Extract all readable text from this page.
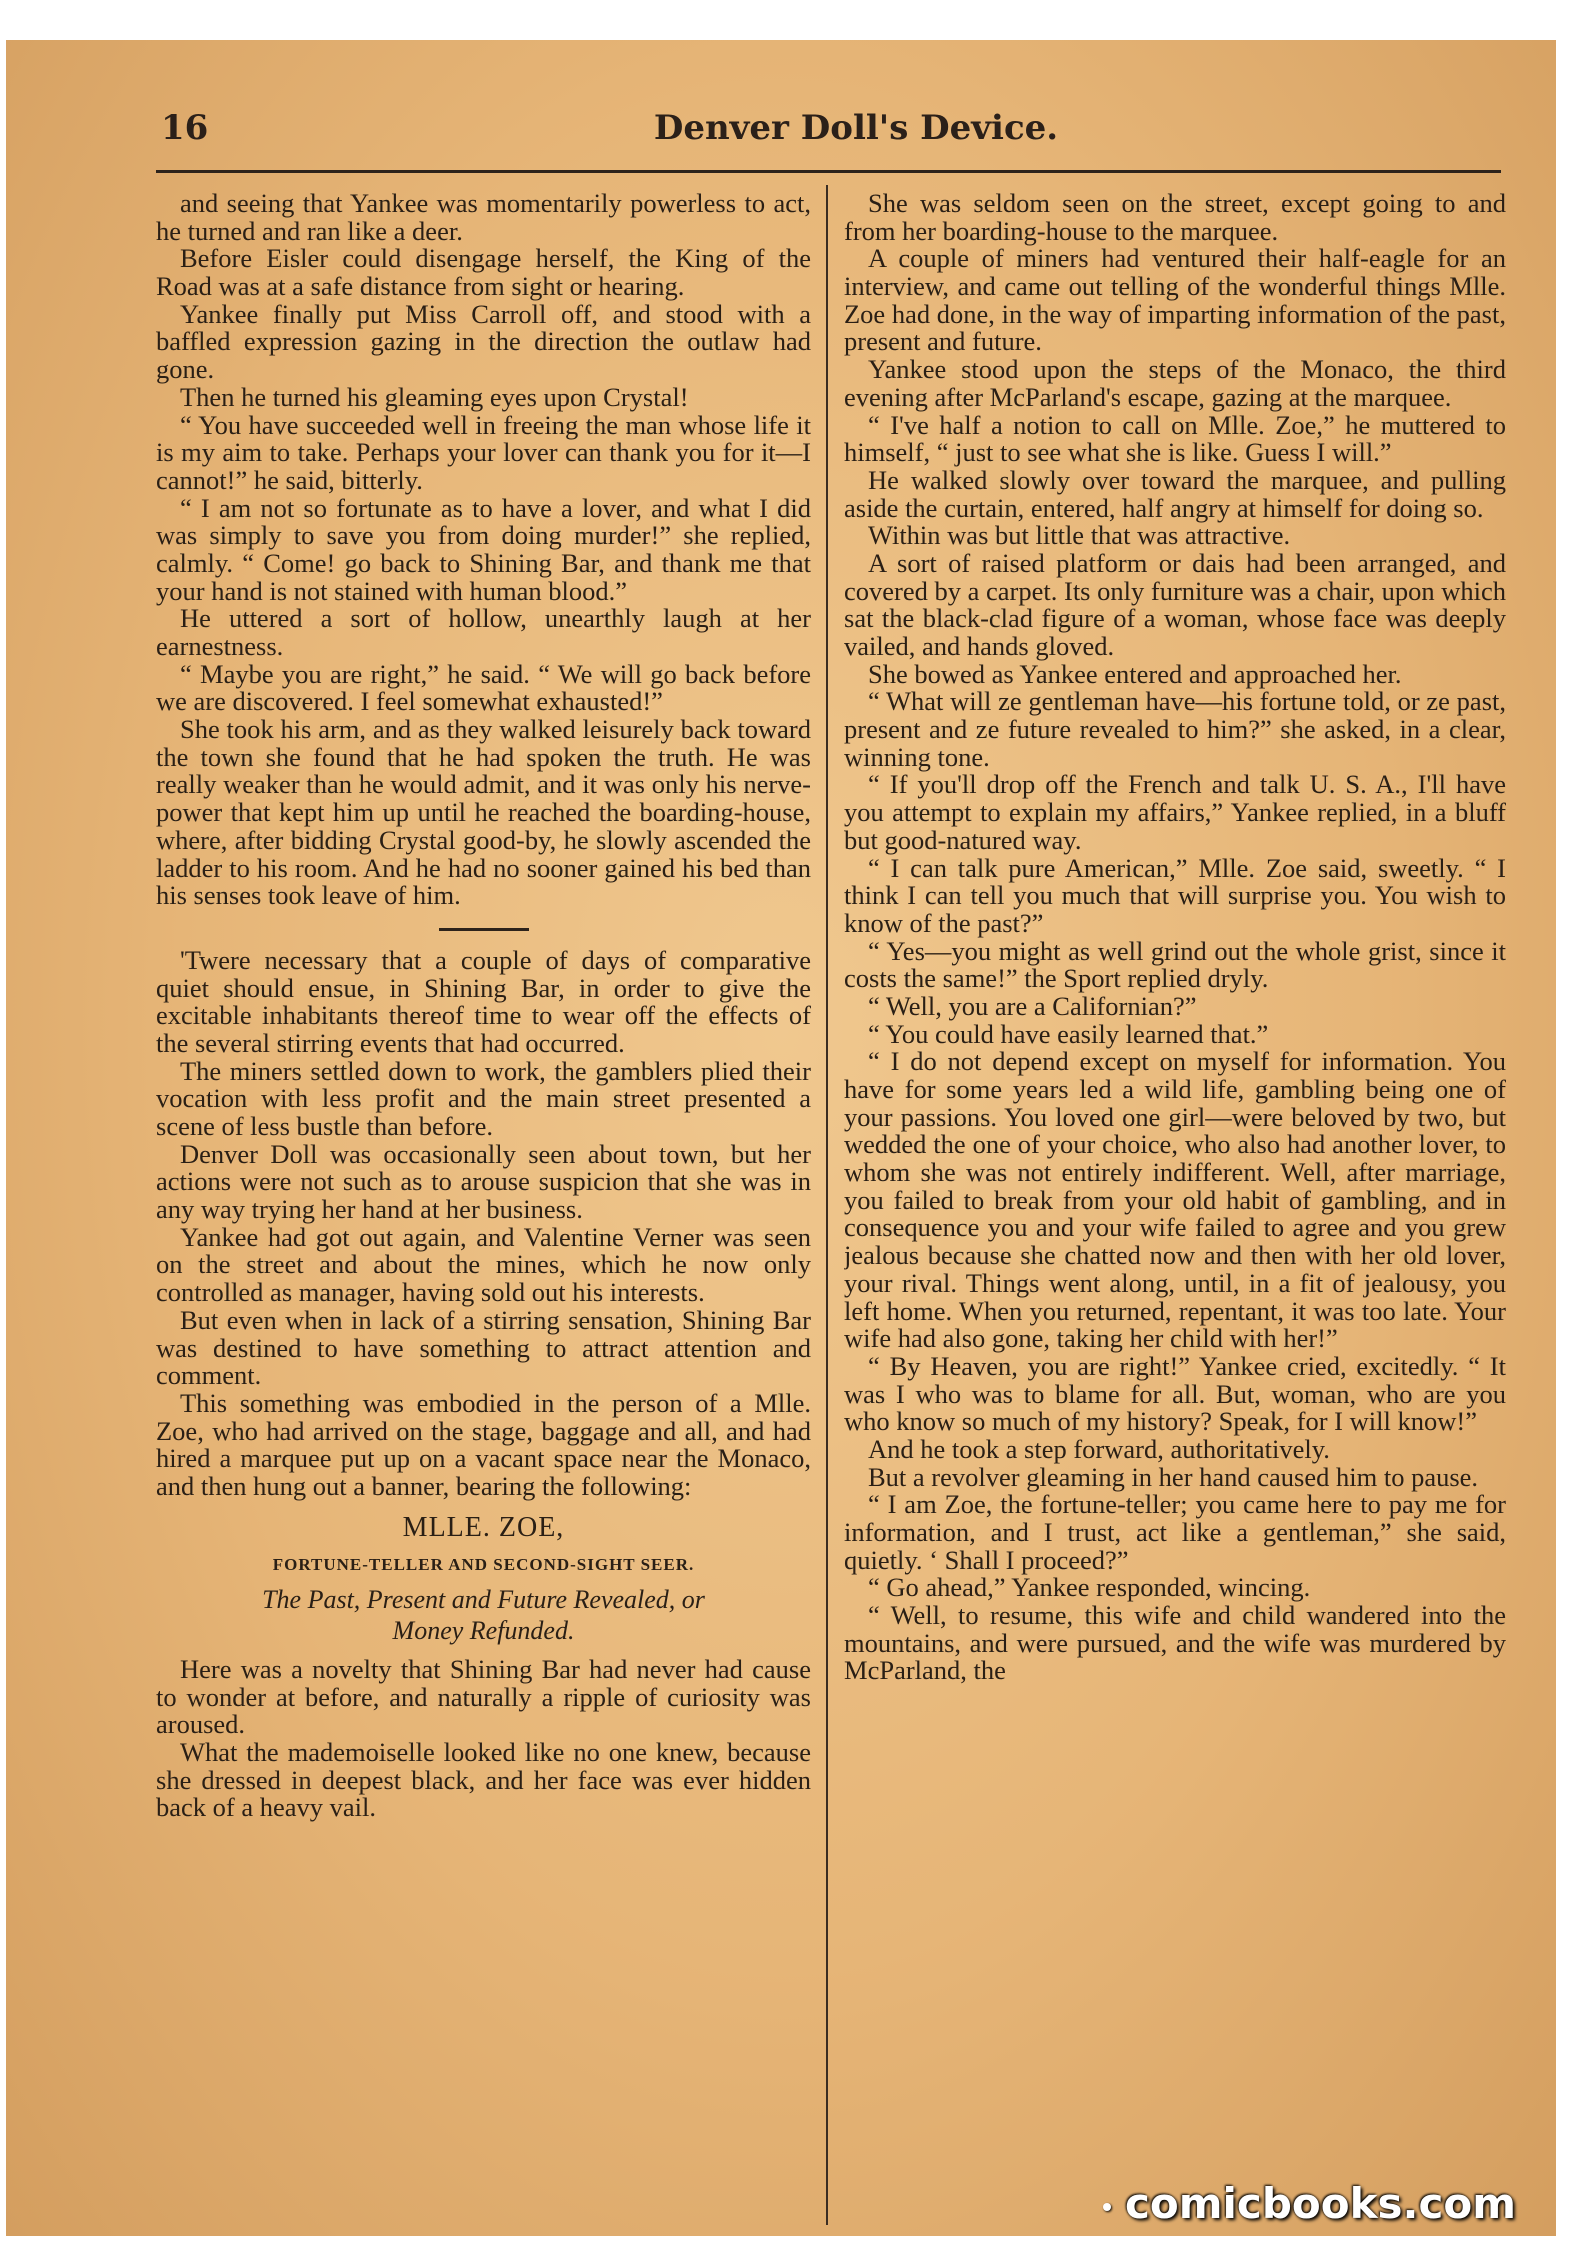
16	Denver Doll's Device.

and seeing that Yankee was momentarily powerless to act, he turned and ran like a deer.

Before Eisler could disengage herself, the King of the Road was at a safe distance from sight or hearing.

Yankee finally put Miss Carroll off, and stood with a baffled expression gazing in the direction the outlaw had gone.

Then he turned his gleaming eyes upon Crystal!

“ You have succeeded well in freeing the man whose life it is my aim to take. Perhaps your lover can thank you for it—I cannot!” he said, bitterly.

“ I am not so fortunate as to have a lover, and what I did was simply to save you from doing murder!” she replied, calmly. “ Come! go back to Shining Bar, and thank me that your hand is not stained with human blood.”

He uttered a sort of hollow, unearthly laugh at her earnestness.

“ Maybe you are right,” he said. “ We will go back before we are discovered. I feel somewhat exhausted!”

She took his arm, and as they walked leisurely back toward the town she found that he had spoken the truth. He was really weaker than he would admit, and it was only his nerve-power that kept him up until he reached the boarding-house, where, after bidding Crystal good-by, he slowly ascended the ladder to his room. And he had no sooner gained his bed than his senses took leave of him.

'Twere necessary that a couple of days of comparative quiet should ensue, in Shining Bar, in order to give the excitable inhabitants thereof time to wear off the effects of the several stirring events that had occurred.

The miners settled down to work, the gamblers plied their vocation with less profit and the main street presented a scene of less bustle than before.

Denver Doll was occasionally seen about town, but her actions were not such as to arouse suspicion that she was in any way trying her hand at her business.

Yankee had got out again, and Valentine Verner was seen on the street and about the mines, which he now only controlled as manager, having sold out his interests.

But even when in lack of a stirring sensation, Shining Bar was destined to have something to attract attention and comment.

This something was embodied in the person of a Mlle. Zoe, who had arrived on the stage, baggage and all, and had hired a marquee put up on a vacant space near the Monaco, and then hung out a banner, bearing the following:

MLLE. ZOE,
FORTUNE-TELLER AND SECOND-SIGHT SEER.
The Past, Present and Future Revealed, or
Money Refunded.

Here was a novelty that Shining Bar had never had cause to wonder at before, and naturally a ripple of curiosity was aroused.

What the mademoiselle looked like no one knew, because she dressed in deepest black, and her face was ever hidden back of a heavy vail.

She was seldom seen on the street, except going to and from her boarding-house to the marquee.

A couple of miners had ventured their half-eagle for an interview, and came out telling of the wonderful things Mlle. Zoe had done, in the way of imparting information of the past, present and future.

Yankee stood upon the steps of the Monaco, the third evening after McParland's escape, gazing at the marquee.

“ I've half a notion to call on Mlle. Zoe,” he muttered to himself, “ just to see what she is like. Guess I will.”

He walked slowly over toward the marquee, and pulling aside the curtain, entered, half angry at himself for doing so.

Within was but little that was attractive.

A sort of raised platform or dais had been arranged, and covered by a carpet. Its only furniture was a chair, upon which sat the black-clad figure of a woman, whose face was deeply vailed, and hands gloved.

She bowed as Yankee entered and approached her.

“ What will ze gentleman have—his fortune told, or ze past, present and ze future revealed to him?” she asked, in a clear, winning tone.

“ If you'll drop off the French and talk U. S. A., I'll have you attempt to explain my affairs,” Yankee replied, in a bluff but good-natured way.

“ I can talk pure American,” Mlle. Zoe said, sweetly. “ I think I can tell you much that will surprise you. You wish to know of the past?”

“ Yes—you might as well grind out the whole grist, since it costs the same!” the Sport replied dryly.

“ Well, you are a Californian?”

“ You could have easily learned that.”

“ I do not depend except on myself for information. You have for some years led a wild life, gambling being one of your passions. You loved one girl—were beloved by two, but wedded the one of your choice, who also had another lover, to whom she was not entirely indifferent. Well, after marriage, you failed to break from your old habit of gambling, and in consequence you and your wife failed to agree and you grew jealous because she chatted now and then with her old lover, your rival. Things went along, until, in a fit of jealousy, you left home. When you returned, repentant, it was too late. Your wife had also gone, taking her child with her!”

“ By Heaven, you are right!” Yankee cried, excitedly. “ It was I who was to blame for all. But, woman, who are you who know so much of my history? Speak, for I will know!”

And he took a step forward, authoritatively.

But a revolver gleaming in her hand caused him to pause.

“ I am Zoe, the fortune-teller; you came here to pay me for information, and I trust, act like a gentleman,” she said, quietly. ‘ Shall I proceed?”

“ Go ahead,” Yankee responded, wincing.

“ Well, to resume, this wife and child wandered into the mountains, and were pursued, and the wife was murdered by McParland, the

comicbooks.com
